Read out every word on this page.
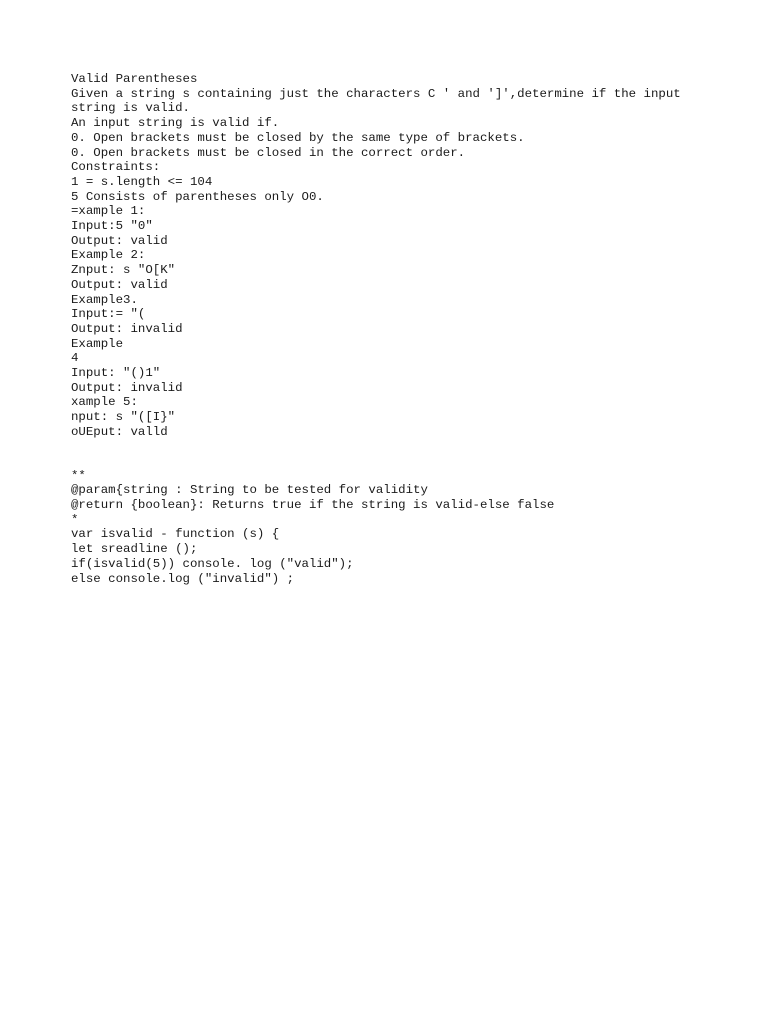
Valid Parentheses
Given a string s containing just the characters C ' and ']',determine if the input
string is valid.
An input string is valid if.
0. Open brackets must be closed by the same type of brackets.
0. Open brackets must be closed in the correct order.
Constraints:
1 = s.length <= 104
5 Consists of parentheses only O0.
=xample 1:
Input:5 "0"
Output: valid
Example 2:
Znput: s "O[K"
Output: valid
Example3.
Input:= "(
Output: invalid
Example
4
Input: "()1"
Output: invalid
xample 5:
nput: s "([I}"
oUEput: valld
**
@param{string : String to be tested for validity
@return {boolean}: Returns true if the string is valid-else false
*
var isvalid - function (s) {
let sreadline ();
if(isvalid(5)) console. log ("valid");
else console.log ("invalid") ;
